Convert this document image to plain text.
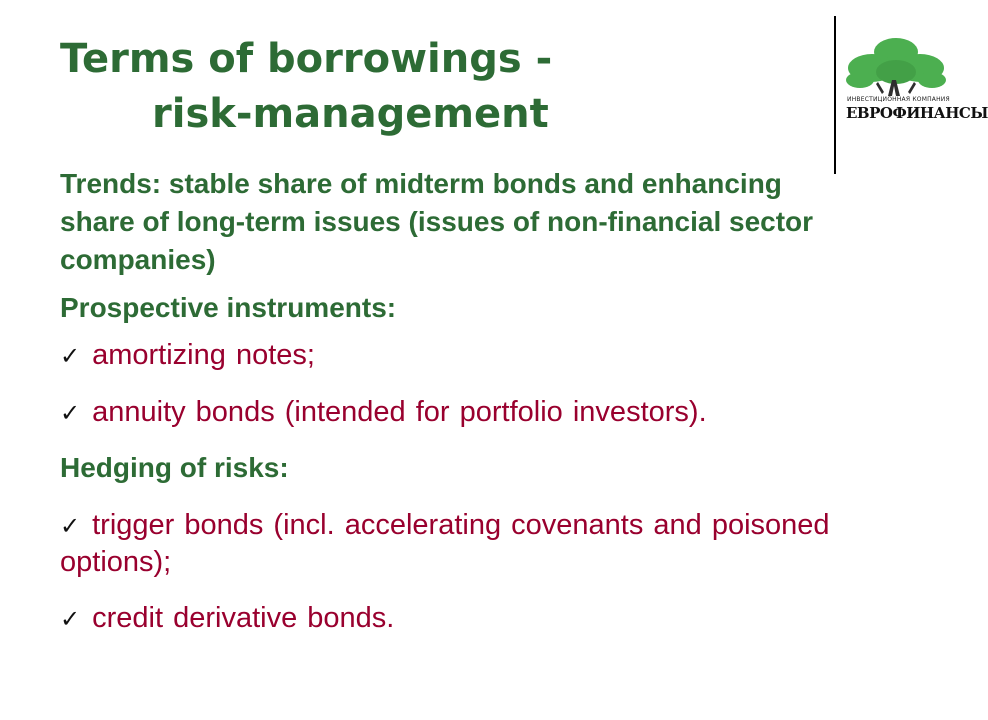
Terms of borrowings -
risk-management	ИНВЕСТИЦИОННАЯ КОМПАНИЯ
ЕВРОФИНАНСЫ

Trends: stable share of midterm bonds and enhancing share of long-term issues (issues of non-financial sector companies)

Prospective instruments:

✓ amortizing notes;

✓ annuity bonds (intended for portfolio investors).

Hedging of risks:

✓ trigger bonds (incl. accelerating covenants and poisoned options);

✓ credit derivative bonds.
